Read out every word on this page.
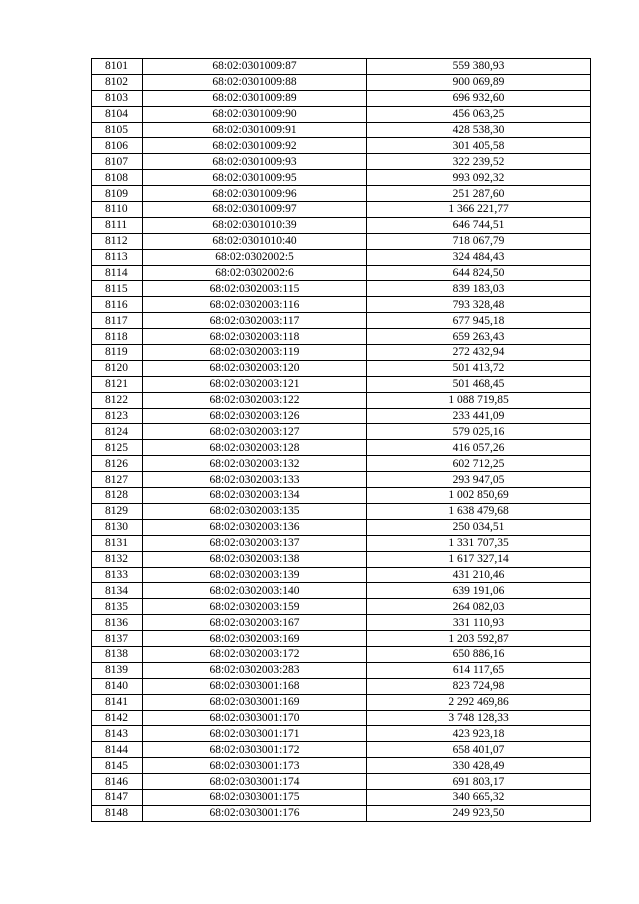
8101	68:02:0301009:87	559 380,93
8102	68:02:0301009:88	900 069,89
8103	68:02:0301009:89	696 932,60
8104	68:02:0301009:90	456 063,25
8105	68:02:0301009:91	428 538,30
8106	68:02:0301009:92	301 405,58
8107	68:02:0301009:93	322 239,52
8108	68:02:0301009:95	993 092,32
8109	68:02:0301009:96	251 287,60
8110	68:02:0301009:97	1 366 221,77
8111	68:02:0301010:39	646 744,51
8112	68:02:0301010:40	718 067,79
8113	68:02:0302002:5	324 484,43
8114	68:02:0302002:6	644 824,50
8115	68:02:0302003:115	839 183,03
8116	68:02:0302003:116	793 328,48
8117	68:02:0302003:117	677 945,18
8118	68:02:0302003:118	659 263,43
8119	68:02:0302003:119	272 432,94
8120	68:02:0302003:120	501 413,72
8121	68:02:0302003:121	501 468,45
8122	68:02:0302003:122	1 088 719,85
8123	68:02:0302003:126	233 441,09
8124	68:02:0302003:127	579 025,16
8125	68:02:0302003:128	416 057,26
8126	68:02:0302003:132	602 712,25
8127	68:02:0302003:133	293 947,05
8128	68:02:0302003:134	1 002 850,69
8129	68:02:0302003:135	1 638 479,68
8130	68:02:0302003:136	250 034,51
8131	68:02:0302003:137	1 331 707,35
8132	68:02:0302003:138	1 617 327,14
8133	68:02:0302003:139	431 210,46
8134	68:02:0302003:140	639 191,06
8135	68:02:0302003:159	264 082,03
8136	68:02:0302003:167	331 110,93
8137	68:02:0302003:169	1 203 592,87
8138	68:02:0302003:172	650 886,16
8139	68:02:0302003:283	614 117,65
8140	68:02:0303001:168	823 724,98
8141	68:02:0303001:169	2 292 469,86
8142	68:02:0303001:170	3 748 128,33
8143	68:02:0303001:171	423 923,18
8144	68:02:0303001:172	658 401,07
8145	68:02:0303001:173	330 428,49
8146	68:02:0303001:174	691 803,17
8147	68:02:0303001:175	340 665,32
8148	68:02:0303001:176	249 923,50
